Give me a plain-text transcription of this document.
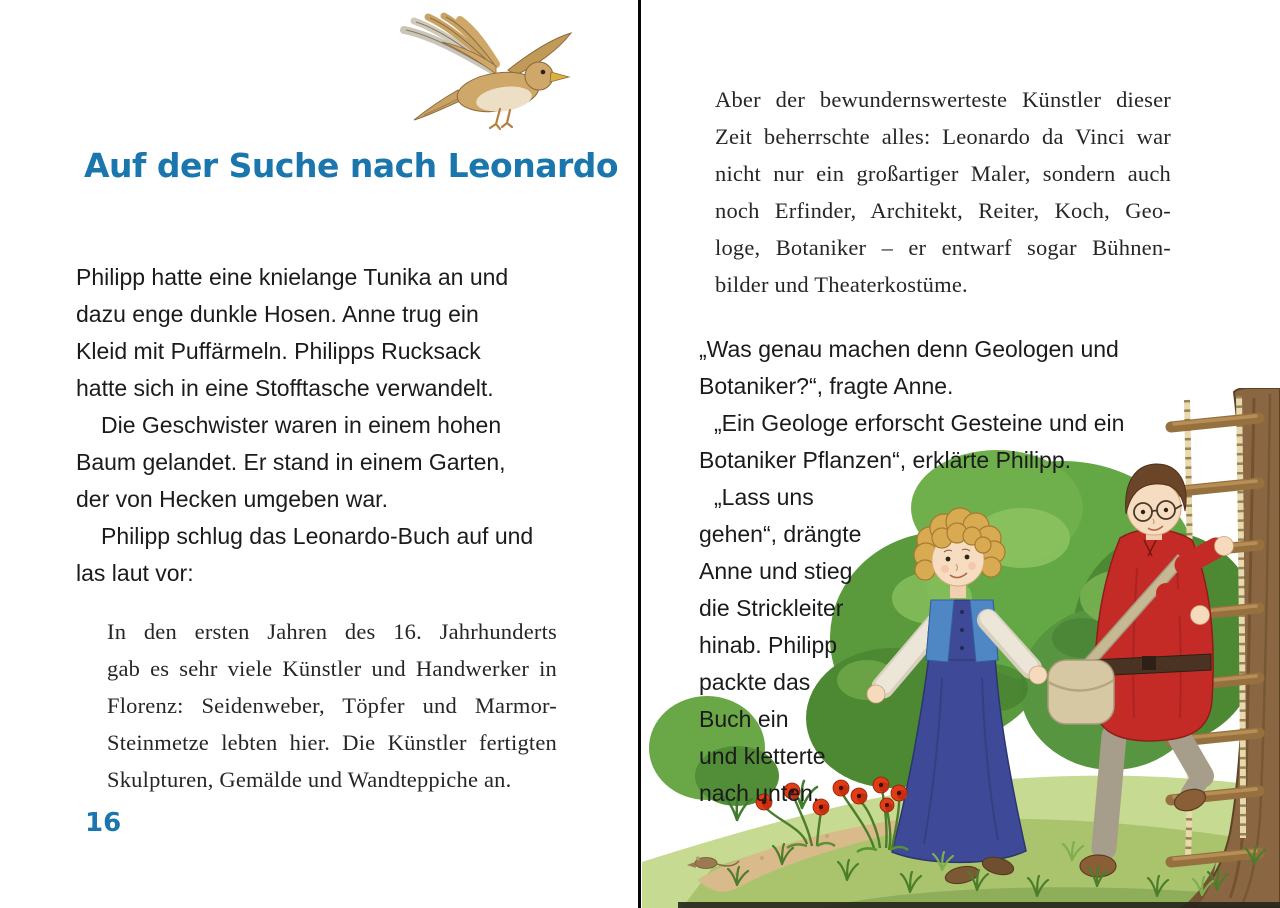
Auf der Suche nach Leonardo
Philipp hatte eine knielange Tunika an und
dazu enge dunkle Hosen. Anne trug ein
Kleid mit Puffärmeln. Philipps Rucksack
hatte sich in eine Stofftasche verwandelt.
Die Geschwister waren in einem hohen
Baum gelandet. Er stand in einem Garten,
der von Hecken umgeben war.
Philipp schlug das Leonardo-Buch auf und
las laut vor:
In den ersten Jahren des 16. Jahrhunderts
gab es sehr viele Künstler und Handwerker in
Florenz: Seidenweber, Töpfer und Marmor-
Steinmetze lebten hier. Die Künstler fertigten
Skulpturen, Gemälde und Wandteppiche an.
16
Aber der bewundernswerteste Künstler dieser
Zeit beherrschte alles: Leonardo da Vinci war
nicht nur ein großartiger Maler, sondern auch
noch Erfinder, Architekt, Reiter, Koch, Geo-
loge, Botaniker – er entwarf sogar Bühnen-
bilder und Theaterkostüme.
„Was genau machen denn Geologen und
Botaniker?“, fragte Anne.
„Ein Geologe erforscht Gesteine und ein
Botaniker Pflanzen“, erklärte Philipp.
„Lass uns
gehen“, drängte
Anne und stieg
die Strickleiter
hinab. Philipp
packte das
Buch ein
und kletterte
nach unten.
